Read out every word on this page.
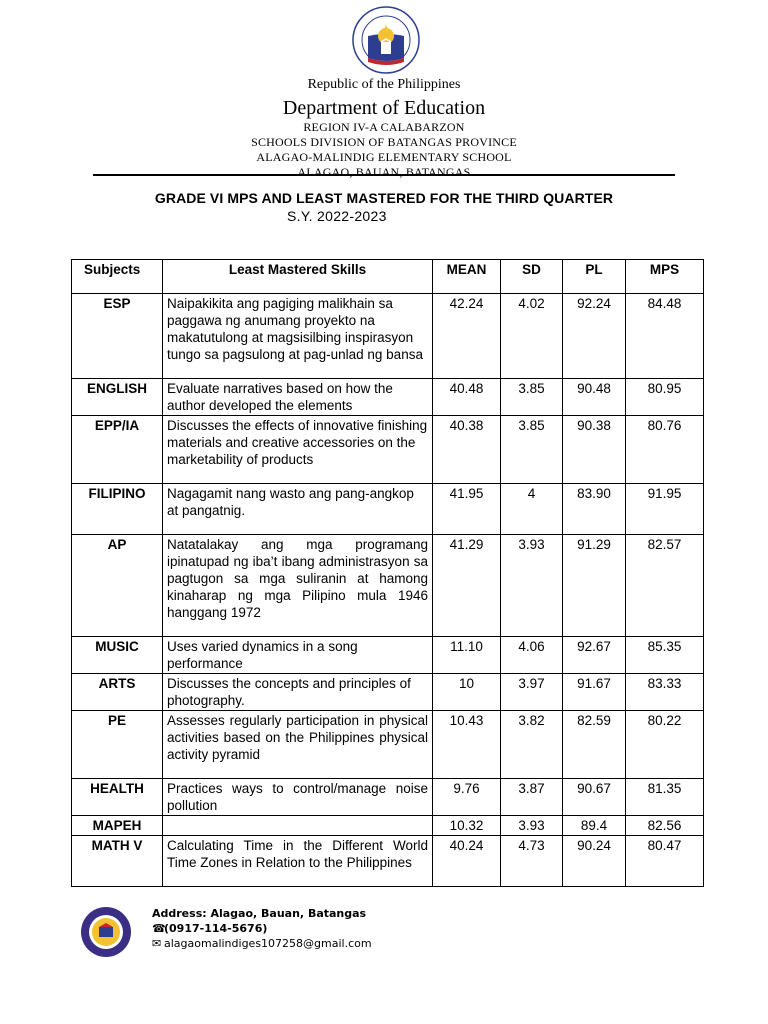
Republic of the Philippines
Department of Education
REGION IV-A CALABARZON
SCHOOLS DIVISION OF BATANGAS PROVINCE
ALAGAO-MALINDIG ELEMENTARY SCHOOL
ALAGAO, BAUAN, BATANGAS
GRADE VI MPS AND LEAST MASTERED FOR THE THIRD QUARTER
S.Y. 2022-2023
Subjects	Least Mastered Skills	MEAN	SD	PL	MPS
ESP	Naipakikita ang pagiging malikhain sa paggawa ng anumang proyekto na makatutulong at magsisilbing inspirasyon tungo sa pagsulong at pag-unlad ng bansa	42.24	4.02	92.24	84.48
ENGLISH	Evaluate narratives based on how the author developed the elements	40.48	3.85	90.48	80.95
EPP/IA	Discusses the effects of innovative finishing materials and creative accessories on the marketability of products	40.38	3.85	90.38	80.76
FILIPINO	Nagagamit nang wasto ang pang-angkop at pangatnig.	41.95	4	83.90	91.95
AP	Natatalakay ang mga programang ipinatupad ng iba’t ibang administrasyon sa pagtugon sa mga suliranin at hamong kinaharap ng mga Pilipino mula 1946 hanggang 1972	41.29	3.93	91.29	82.57
MUSIC	Uses varied dynamics in a song performance	11.10	4.06	92.67	85.35
ARTS	Discusses the concepts and principles of photography.	10	3.97	91.67	83.33
PE	Assesses regularly participation in physical activities based on the Philippines physical activity pyramid	10.43	3.82	82.59	80.22
HEALTH	Practices ways to control/manage noise pollution	9.76	3.87	90.67	81.35
MAPEH		10.32	3.93	89.4	82.56
MATH V	Calculating Time in the Different World Time Zones in Relation to the Philippines	40.24	4.73	90.24	80.47
Address: Alagao, Bauan, Batangas
☎(0917-114-5676)
✉ alagaomalindiges107258@gmail.com
